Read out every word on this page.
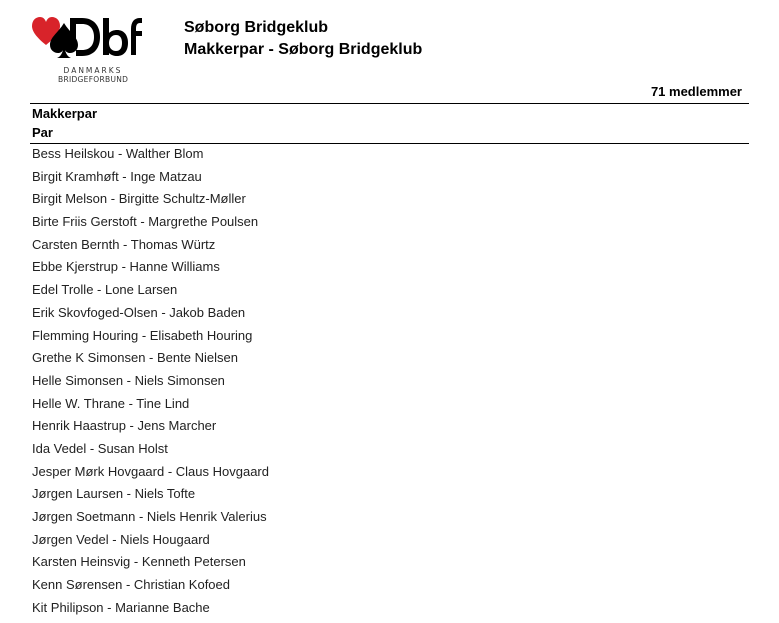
DANMARKS
BRIDGEFORBUND
Søborg Bridgeklub
Makkerpar - Søborg Bridgeklub
71 medlemmer
Makkerpar
Par
Bess Heilskou - Walther Blom
Birgit Kramhøft - Inge Matzau
Birgit Melson - Birgitte Schultz-Møller
Birte Friis Gerstoft - Margrethe Poulsen
Carsten Bernth - Thomas Würtz
Ebbe Kjerstrup - Hanne Williams
Edel Trolle - Lone Larsen
Erik Skovfoged-Olsen - Jakob Baden
Flemming Houring - Elisabeth Houring
Grethe K Simonsen - Bente Nielsen
Helle Simonsen - Niels Simonsen
Helle W. Thrane - Tine Lind
Henrik Haastrup - Jens Marcher
Ida Vedel - Susan Holst
Jesper Mørk Hovgaard - Claus Hovgaard
Jørgen Laursen - Niels Tofte
Jørgen Soetmann - Niels Henrik Valerius
Jørgen Vedel - Niels Hougaard
Karsten Heinsvig - Kenneth Petersen
Kenn Sørensen - Christian Kofoed
Kit Philipson - Marianne Bache
